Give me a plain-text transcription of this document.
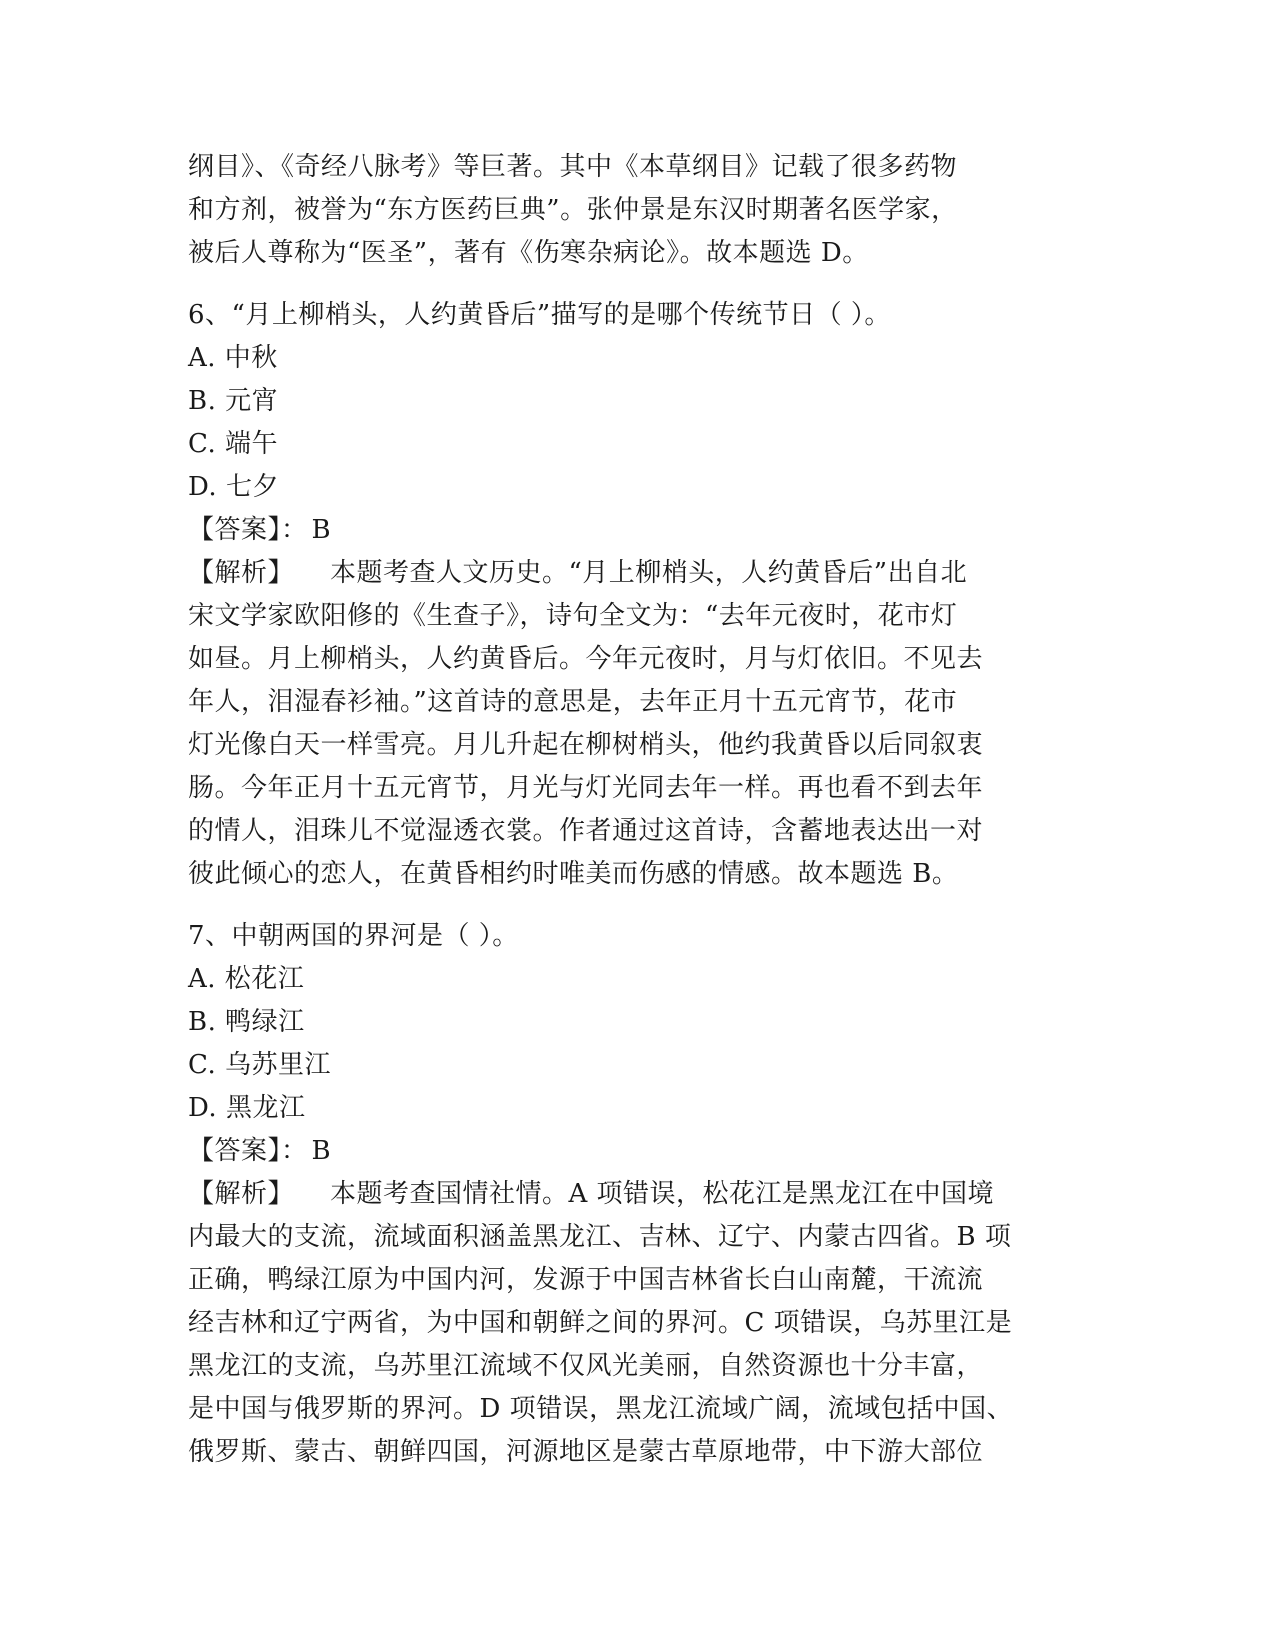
纲目》、《奇经八脉考》等巨著。其中《本草纲目》记载了很多药物
和方剂，被誉为“东方医药巨典”。张仲景是东汉时期著名医学家，
被后人尊称为“医圣”，著有《伤寒杂病论》。故本题选 D。
6、“月上柳梢头，人约黄昏后”描写的是哪个传统节日（ ）。
A. 中秋
B. 元宵
C. 端午
D. 七夕
【答案】： B
【解析】 本题考查人文历史。“月上柳梢头，人约黄昏后”出自北
宋文学家欧阳修的《生查子》，诗句全文为：“去年元夜时，花市灯
如昼。月上柳梢头，人约黄昏后。今年元夜时，月与灯依旧。不见去
年人，泪湿春衫袖。”这首诗的意思是，去年正月十五元宵节，花市
灯光像白天一样雪亮。月儿升起在柳树梢头，他约我黄昏以后同叙衷
肠。今年正月十五元宵节，月光与灯光同去年一样。再也看不到去年
的情人，泪珠儿不觉湿透衣裳。作者通过这首诗，含蓄地表达出一对
彼此倾心的恋人，在黄昏相约时唯美而伤感的情感。故本题选 B。
7、中朝两国的界河是（ ）。
A. 松花江
B. 鸭绿江
C. 乌苏里江
D. 黑龙江
【答案】： B
【解析】 本题考查国情社情。A 项错误，松花江是黑龙江在中国境
内最大的支流，流域面积涵盖黑龙江、吉林、辽宁、内蒙古四省。B 项
正确，鸭绿江原为中国内河，发源于中国吉林省长白山南麓，干流流
经吉林和辽宁两省，为中国和朝鲜之间的界河。C 项错误，乌苏里江是
黑龙江的支流，乌苏里江流域不仅风光美丽，自然资源也十分丰富，
是中国与俄罗斯的界河。D 项错误，黑龙江流域广阔，流域包括中国、
俄罗斯、蒙古、朝鲜四国，河源地区是蒙古草原地带，中下游大部位
